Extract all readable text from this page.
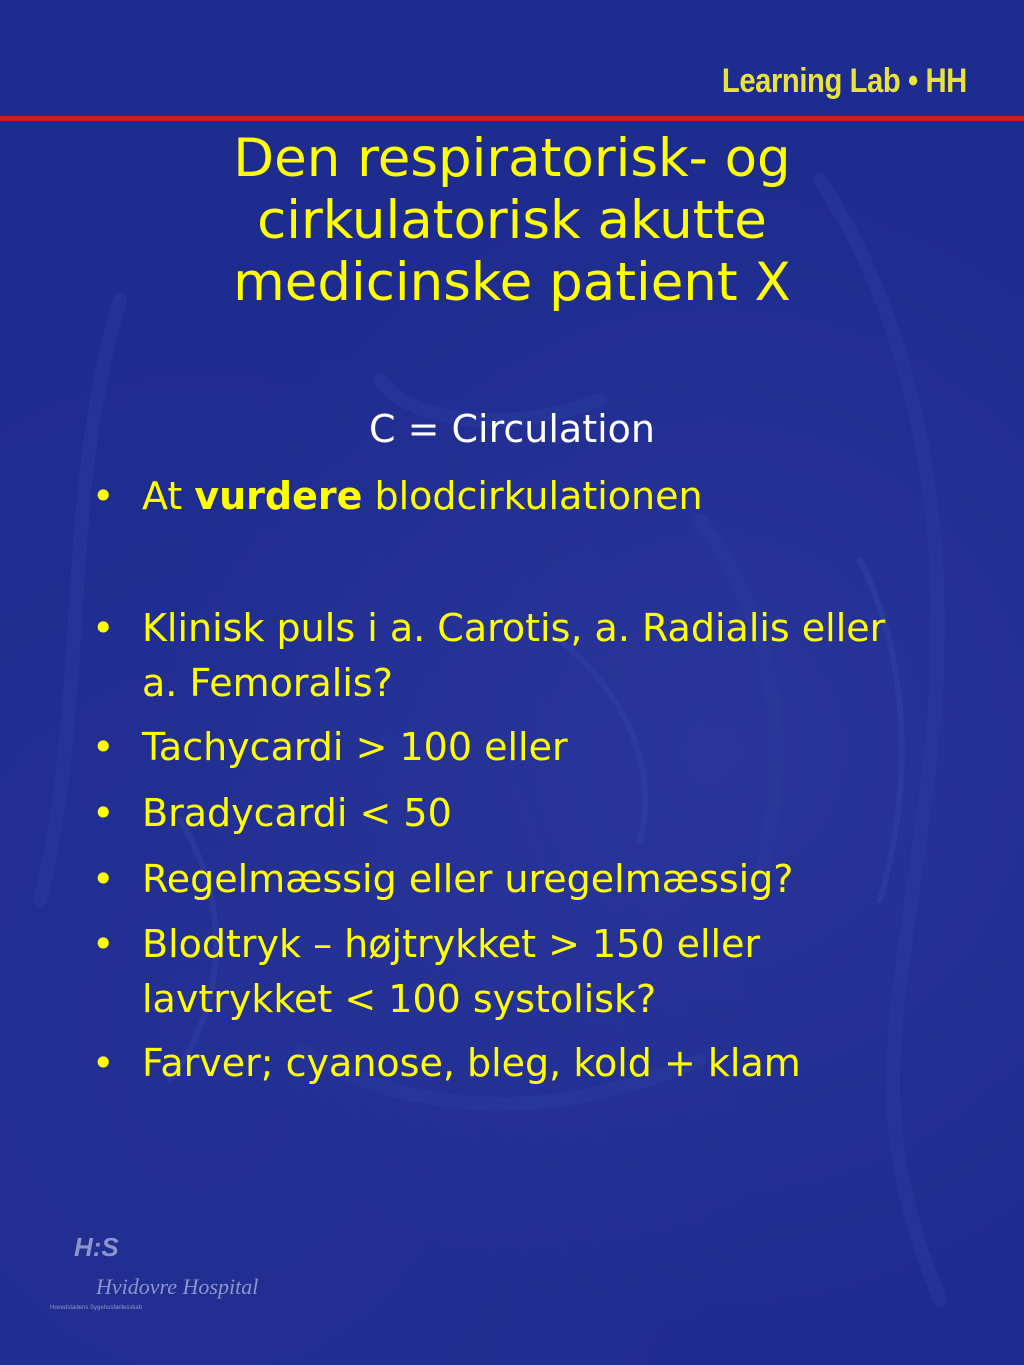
Learning Lab • HH
Den respiratorisk- og
cirkulatorisk akutte
medicinske patient X
C = Circulation
• At vurdere blodcirkulationen
• Klinisk puls i a. Carotis, a. Radialis eller
a. Femoralis?
• Tachycardi > 100 eller
• Bradycardi < 50
• Regelmæssig eller uregelmæssig?
• Blodtryk – højtrykket > 150 eller
lavtrykket < 100 systolisk?
• Farver; cyanose, bleg, kold + klam
H:S
Hvidovre Hospital
Hovedstadens Sygehusfællesskab
